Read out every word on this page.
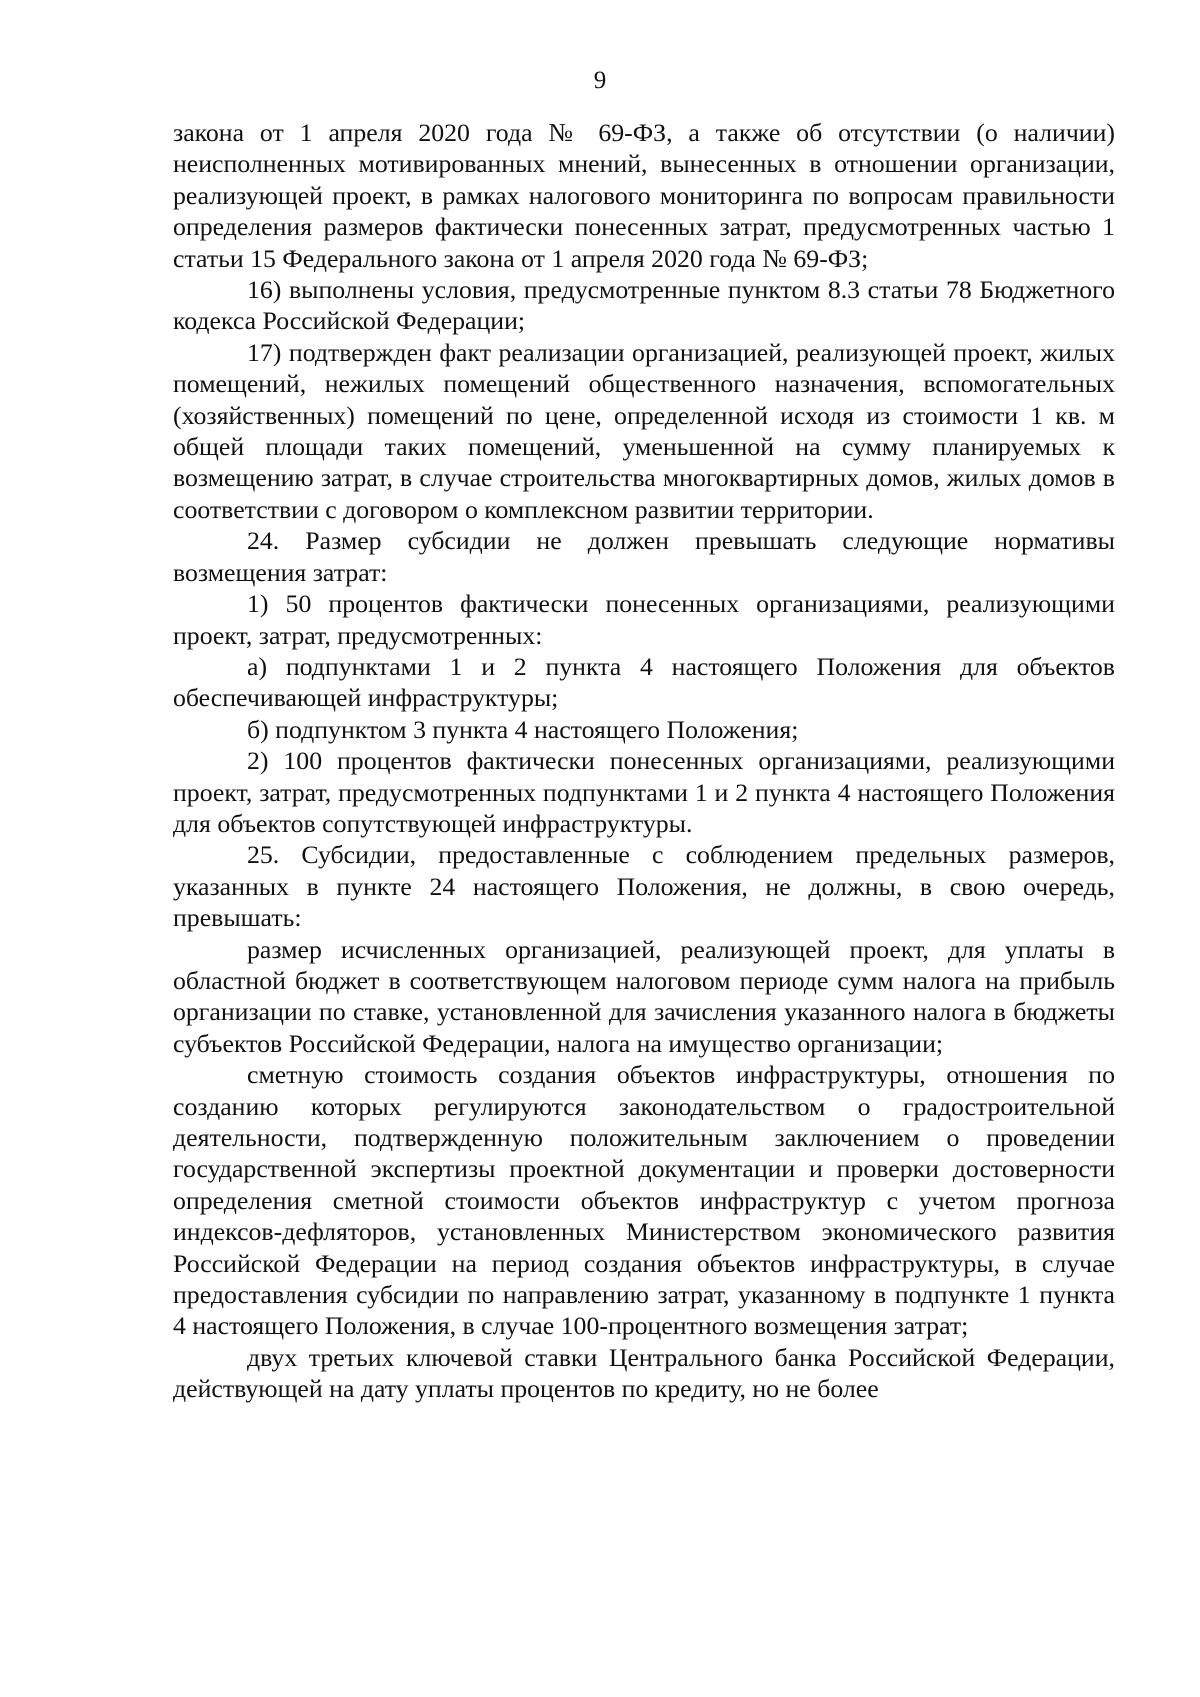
9

закона от 1 апреля 2020 года № 69-ФЗ, а также об отсутствии (о наличии) неисполненных мотивированных мнений, вынесенных в отношении организации, реализующей проект, в рамках налогового мониторинга по вопросам правильности определения размеров фактически понесенных затрат, предусмотренных частью 1 статьи 15 Федерального закона от 1 апреля 2020 года № 69-ФЗ;

16) выполнены условия, предусмотренные пунктом 8.3 статьи 78 Бюджетного кодекса Российской Федерации;

17) подтвержден факт реализации организацией, реализующей проект, жилых помещений, нежилых помещений общественного назначения, вспомогательных (хозяйственных) помещений по цене, определенной исходя из стоимости 1 кв. м общей площади таких помещений, уменьшенной на сумму планируемых к возмещению затрат, в случае строительства многоквартирных домов, жилых домов в соответствии с договором о комплексном развитии территории.

24. Размер субсидии не должен превышать следующие нормативы возмещения затрат:

1) 50 процентов фактически понесенных организациями, реализующими проект, затрат, предусмотренных:

а) подпунктами 1 и 2 пункта 4 настоящего Положения для объектов обеспечивающей инфраструктуры;

б) подпунктом 3 пункта 4 настоящего Положения;

2) 100 процентов фактически понесенных организациями, реализующими проект, затрат, предусмотренных подпунктами 1 и 2 пункта 4 настоящего Положения для объектов сопутствующей инфраструктуры.

25. Субсидии, предоставленные с соблюдением предельных размеров, указанных в пункте 24 настоящего Положения, не должны, в свою очередь, превышать:

размер исчисленных организацией, реализующей проект, для уплаты в областной бюджет в соответствующем налоговом периоде сумм налога на прибыль организации по ставке, установленной для зачисления указанного налога в бюджеты субъектов Российской Федерации, налога на имущество организации;

сметную стоимость создания объектов инфраструктуры, отношения по созданию которых регулируются законодательством о градостроительной деятельности, подтвержденную положительным заключением о проведении государственной экспертизы проектной документации и проверки достоверности определения сметной стоимости объектов инфраструктур с учетом прогноза индексов-дефляторов, установленных Министерством экономического развития Российской Федерации на период создания объектов инфраструктуры, в случае предоставления субсидии по направлению затрат, указанному в подпункте 1 пункта 4 настоящего Положения, в случае 100-процентного возмещения затрат;

двух третьих ключевой ставки Центрального банка Российской Федерации, действующей на дату уплаты процентов по кредиту, но не более
